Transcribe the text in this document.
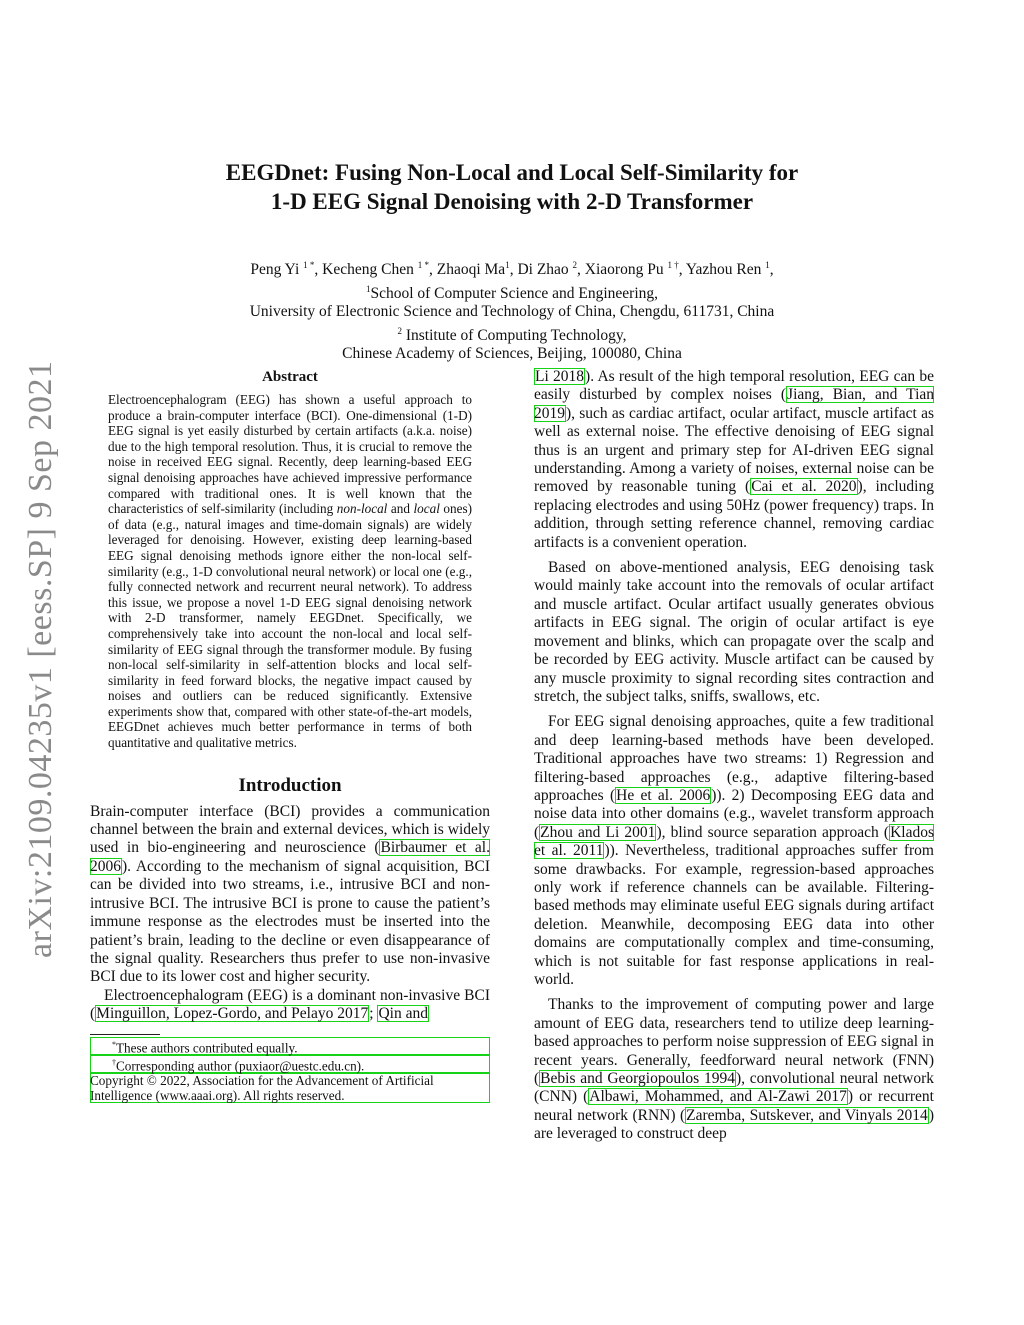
arXiv:2109.04235v1 [eess.SP] 9 Sep 2021
EEGDnet: Fusing Non-Local and Local Self-Similarity for
1-D EEG Signal Denoising with 2-D Transformer
Peng Yi $^{1 *}$, Kecheng Chen $^{1 *}$, Zhaoqi Ma$^1$, Di Zhao $^2$, Xiaorong Pu $^{1 \dagger}$, Yazhou Ren $^1$,
$^1$School of Computer Science and Engineering,
University of Electronic Science and Technology of China, Chengdu, 611731, China
$^2$ Institute of Computing Technology,
Chinese Academy of Sciences, Beijing, 100080, China
Abstract
Electroencephalogram (EEG) has shown a useful approach to produce a brain-computer interface (BCI). One-dimensional (1-D) EEG signal is yet easily disturbed by certain artifacts (a.k.a. noise) due to the high temporal resolution. Thus, it is crucial to remove the noise in received EEG signal. Recently, deep learning-based EEG signal denoising approaches have achieved impressive performance compared with traditional ones. It is well known that the characteristics of self-similarity (including non-local and local ones) of data (e.g., natural images and time-domain signals) are widely leveraged for denoising. However, existing deep learning-based EEG signal denoising methods ignore either the non-local self-similarity (e.g., 1-D convolutional neural network) or local one (e.g., fully connected network and recurrent neural network). To address this issue, we propose a novel 1-D EEG signal denoising network with 2-D transformer, namely EEGDnet. Specifically, we comprehensively take into account the non-local and local self-similarity of EEG signal through the transformer module. By fusing non-local self-similarity in self-attention blocks and local self-similarity in feed forward blocks, the negative impact caused by noises and outliers can be reduced significantly. Extensive experiments show that, compared with other state-of-the-art models, EEGDnet achieves much better performance in terms of both quantitative and qualitative metrics.
Introduction

Brain-computer interface (BCI) provides a communication channel between the brain and external devices, which is widely used in bio-engineering and neuroscience (Birbaumer et al. 2006). According to the mechanism of signal acquisition, BCI can be divided into two streams, i.e., intrusive BCI and non-intrusive BCI. The intrusive BCI is prone to cause the patient’s immune response as the electrodes must be inserted into the patient’s brain, leading to the decline or even disappearance of the signal quality. Researchers thus prefer to use non-invasive BCI due to its lower cost and higher security.

Electroencephalogram (EEG) is a dominant non-invasive BCI (Minguillon, Lopez-Gordo, and Pelayo 2017; Qin and

*These authors contributed equally.

†Corresponding author (puxiaor@uestc.edu.cn).

Copyright © 2022, Association for the Advancement of Artificial Intelligence (www.aaai.org). All rights reserved.

Li 2018). As result of the high temporal resolution, EEG can be easily disturbed by complex noises (Jiang, Bian, and Tian 2019), such as cardiac artifact, ocular artifact, muscle artifact as well as external noise. The effective denoising of EEG signal thus is an urgent and primary step for AI-driven EEG signal understanding. Among a variety of noises, external noise can be removed by reasonable tuning (Cai et al. 2020), including replacing electrodes and using 50Hz (power frequency) traps. In addition, through setting reference channel, removing cardiac artifacts is a convenient operation.

Based on above-mentioned analysis, EEG denoising task would mainly take account into the removals of ocular artifact and muscle artifact. Ocular artifact usually generates obvious artifacts in EEG signal. The origin of ocular artifact is eye movement and blinks, which can propagate over the scalp and be recorded by EEG activity. Muscle artifact can be caused by any muscle proximity to signal recording sites contraction and stretch, the subject talks, sniffs, swallows, etc.

For EEG signal denoising approaches, quite a few traditional and deep learning-based methods have been developed. Traditional approaches have two streams: 1) Regression and filtering-based approaches (e.g., adaptive filtering-based approaches (He et al. 2006)). 2) Decomposing EEG data and noise data into other domains (e.g., wavelet transform approach (Zhou and Li 2001), blind source separation approach (Klados et al. 2011)). Nevertheless, traditional approaches suffer from some drawbacks. For example, regression-based approaches only work if reference channels can be available. Filtering-based methods may eliminate useful EEG signals during artifact deletion. Meanwhile, decomposing EEG data into other domains are computationally complex and time-consuming, which is not suitable for fast response applications in real-world.

Thanks to the improvement of computing power and large amount of EEG data, researchers tend to utilize deep learning-based approaches to perform noise suppression of EEG signal in recent years. Generally, feedforward neural network (FNN) (Bebis and Georgiopoulos 1994), convolutional neural network (CNN) (Albawi, Mohammed, and Al-Zawi 2017) or recurrent neural network (RNN) (Zaremba, Sutskever, and Vinyals 2014) are leveraged to construct deep
